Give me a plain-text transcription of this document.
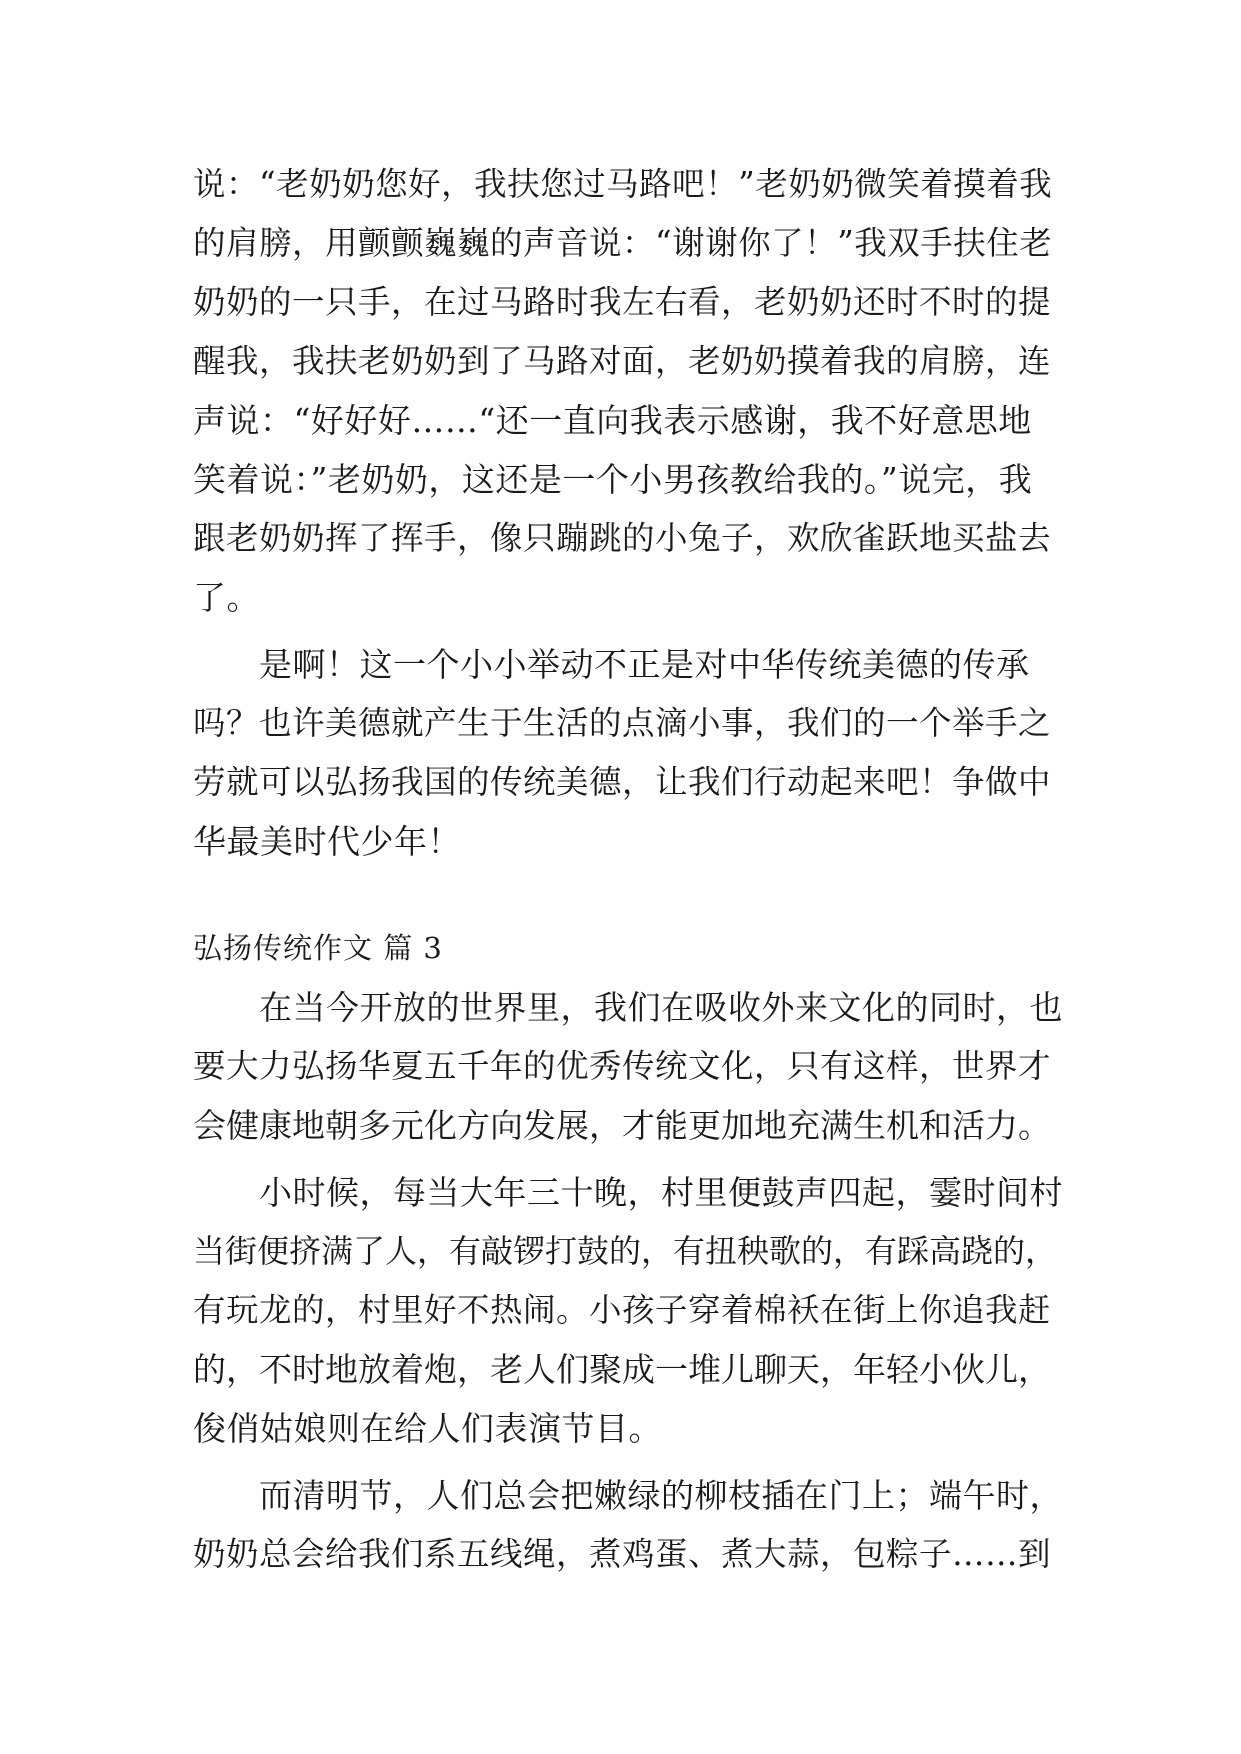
说：“老奶奶您好，我扶您过马路吧！”老奶奶微笑着摸着我
的肩膀，用颤颤巍巍的声音说：“谢谢你了！”我双手扶住老
奶奶的一只手，在过马路时我左右看，老奶奶还时不时的提
醒我，我扶老奶奶到了马路对面，老奶奶摸着我的肩膀，连
声说：“好好好……“还一直向我表示感谢，我不好意思地
笑着说：”老奶奶，这还是一个小男孩教给我的。”说完，我
跟老奶奶挥了挥手，像只蹦跳的小兔子，欢欣雀跃地买盐去
了。
是啊！这一个小小举动不正是对中华传统美德的传承
吗？也许美德就产生于生活的点滴小事，我们的一个举手之
劳就可以弘扬我国的传统美德，让我们行动起来吧！争做中
华最美时代少年！
弘扬传统作文 篇 3
在当今开放的世界里，我们在吸收外来文化的同时，也
要大力弘扬华夏五千年的优秀传统文化，只有这样，世界才
会健康地朝多元化方向发展，才能更加地充满生机和活力。
小时候，每当大年三十晚，村里便鼓声四起，霎时间村
当街便挤满了人，有敲锣打鼓的，有扭秧歌的，有踩高跷的，
有玩龙的，村里好不热闹。小孩子穿着棉袄在街上你追我赶
的，不时地放着炮，老人们聚成一堆儿聊天，年轻小伙儿，
俊俏姑娘则在给人们表演节目。
而清明节，人们总会把嫩绿的柳枝插在门上；端午时，
奶奶总会给我们系五线绳，煮鸡蛋、煮大蒜，包粽子……到
